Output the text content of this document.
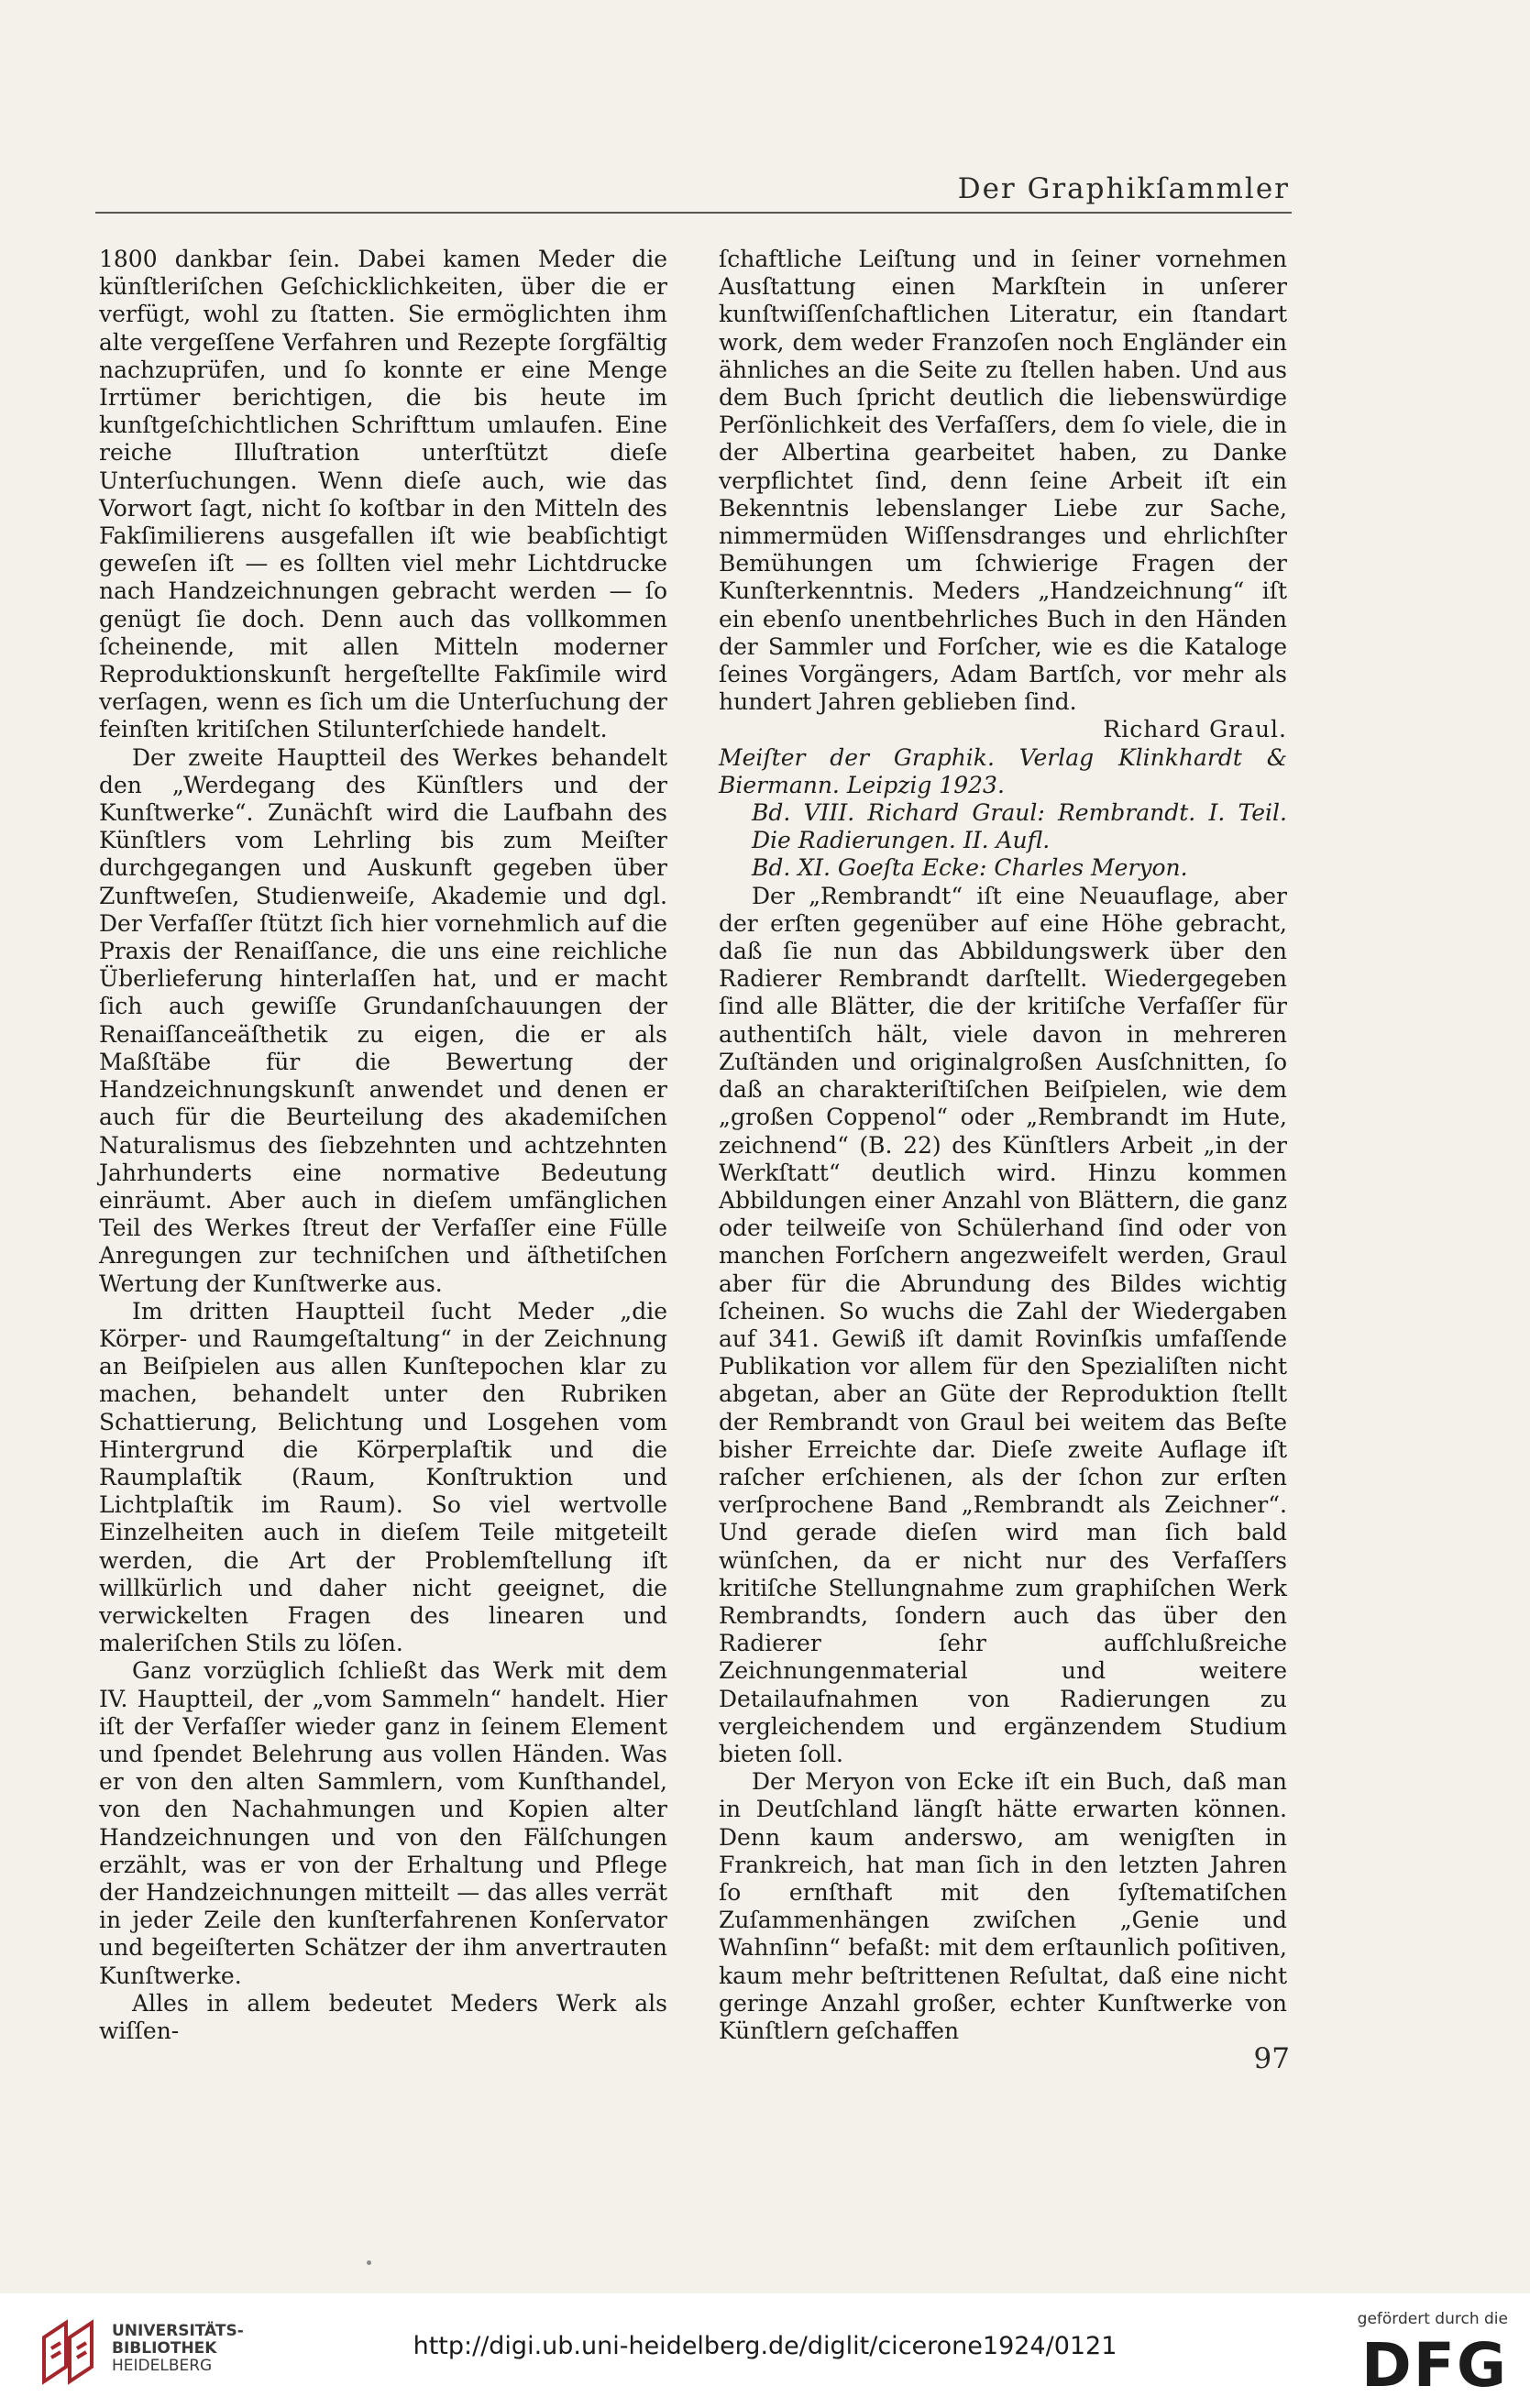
Der Graphikſammler

1800 dankbar ſein. Dabei kamen Meder die künſtleriſchen Geſchicklichkeiten, über die er verfügt, wohl zu ſtatten. Sie ermöglichten ihm alte vergeſſene Verfahren und Rezepte ſorgfältig nachzuprüfen, und ſo konnte er eine Menge Irrtümer berichtigen, die bis heute im kunſtgeſchichtlichen Schrifttum umlaufen. Eine reiche Illuſtration unterſtützt dieſe Unterſuchungen. Wenn dieſe auch, wie das Vorwort ſagt, nicht ſo koſtbar in den Mitteln des Fakſimilierens ausgefallen iſt wie beabſichtigt geweſen iſt — es ſollten viel mehr Lichtdrucke nach Handzeichnungen gebracht werden — ſo genügt ſie doch. Denn auch das vollkommen ſcheinende, mit allen Mitteln moderner Reproduktionskunſt hergeſtellte Fakſimile wird verſagen, wenn es ſich um die Unterſuchung der feinſten kritiſchen Stilunterſchiede handelt.

Der zweite Hauptteil des Werkes behandelt den „Werdegang des Künſtlers und der Kunſtwerke“. Zunächſt wird die Laufbahn des Künſtlers vom Lehrling bis zum Meiſter durchgegangen und Auskunft gegeben über Zunftweſen, Studienweiſe, Akademie und dgl. Der Verfaſſer ſtützt ſich hier vornehmlich auf die Praxis der Renaiſſance, die uns eine reichliche Überlieferung hinterlaſſen hat, und er macht ſich auch gewiſſe Grundanſchauungen der Renaiſſanceäſthetik zu eigen, die er als Maßſtäbe für die Bewertung der Handzeichnungskunſt anwendet und denen er auch für die Beurteilung des akademiſchen Naturalismus des ſiebzehnten und achtzehnten Jahrhunderts eine normative Bedeutung einräumt. Aber auch in dieſem umfänglichen Teil des Werkes ſtreut der Verfaſſer eine Fülle Anregungen zur techniſchen und äſthetiſchen Wertung der Kunſtwerke aus.

Im dritten Hauptteil ſucht Meder „die Körper- und Raumgeſtaltung“ in der Zeichnung an Beiſpielen aus allen Kunſtepochen klar zu machen, behandelt unter den Rubriken Schattierung, Belichtung und Losgehen vom Hintergrund die Körperplaſtik und die Raumplaſtik (Raum, Konſtruktion und Lichtplaſtik im Raum). So viel wertvolle Einzelheiten auch in dieſem Teile mitgeteilt werden, die Art der Problemſtellung iſt willkürlich und daher nicht geeignet, die verwickelten Fragen des linearen und maleriſchen Stils zu löſen.

Ganz vorzüglich ſchließt das Werk mit dem IV. Hauptteil, der „vom Sammeln“ handelt. Hier iſt der Verfaſſer wieder ganz in ſeinem Element und ſpendet Belehrung aus vollen Händen. Was er von den alten Sammlern, vom Kunſthandel, von den Nachahmungen und Kopien alter Handzeichnungen und von den Fälſchungen erzählt, was er von der Erhaltung und Pflege der Handzeichnungen mitteilt — das alles verrät in jeder Zeile den kunſterfahrenen Konſervator und begeiſterten Schätzer der ihm anvertrauten Kunſtwerke.

Alles in allem bedeutet Meders Werk als wiſſen-

ſchaftliche Leiſtung und in ſeiner vornehmen Ausſtattung einen Markſtein in unſerer kunſtwiſſenſchaftlichen Literatur, ein ſtandart work, dem weder Franzoſen noch Engländer ein ähnliches an die Seite zu ſtellen haben. Und aus dem Buch ſpricht deutlich die liebenswürdige Perſönlichkeit des Verfaſſers, dem ſo viele, die in der Albertina gearbeitet haben, zu Danke verpflichtet ſind, denn ſeine Arbeit iſt ein Bekenntnis lebenslanger Liebe zur Sache, nimmermüden Wiſſensdranges und ehrlichſter Bemühungen um ſchwierige Fragen der Kunſterkenntnis. Meders „Handzeichnung“ iſt ein ebenſo unentbehrliches Buch in den Händen der Sammler und Forſcher, wie es die Kataloge ſeines Vorgängers, Adam Bartſch, vor mehr als hundert Jahren geblieben ſind.

Richard Graul.

Meiſter der Graphik. Verlag Klinkhardt & Biermann. Leipzig 1923.

Bd. VIII. Richard Graul: Rembrandt. I. Teil. Die Radierungen. II. Aufl.

Bd. XI. Goeſta Ecke: Charles Meryon.

Der „Rembrandt“ iſt eine Neuauflage, aber der erſten gegenüber auf eine Höhe gebracht, daß ſie nun das Abbildungswerk über den Radierer Rembrandt darſtellt. Wiedergegeben ſind alle Blätter, die der kritiſche Verfaſſer für authentiſch hält, viele davon in mehreren Zuſtänden und originalgroßen Ausſchnitten, ſo daß an charakteriſtiſchen Beiſpielen, wie dem „großen Coppenol“ oder „Rembrandt im Hute, zeichnend“ (B. 22) des Künſtlers Arbeit „in der Werkſtatt“ deutlich wird. Hinzu kommen Abbildungen einer Anzahl von Blättern, die ganz oder teilweiſe von Schülerhand ſind oder von manchen Forſchern angezweifelt werden, Graul aber für die Abrundung des Bildes wichtig ſcheinen. So wuchs die Zahl der Wiedergaben auf 341. Gewiß iſt damit Rovinſkis umfaſſende Publikation vor allem für den Spezialiſten nicht abgetan, aber an Güte der Reproduktion ſtellt der Rembrandt von Graul bei weitem das Beſte bisher Erreichte dar. Dieſe zweite Auflage iſt raſcher erſchienen, als der ſchon zur erſten verſprochene Band „Rembrandt als Zeichner“. Und gerade dieſen wird man ſich bald wünſchen, da er nicht nur des Verfaſſers kritiſche Stellungnahme zum graphiſchen Werk Rembrandts, ſondern auch das über den Radierer ſehr aufſchlußreiche Zeichnungenmaterial und weitere Detailaufnahmen von Radierungen zu vergleichendem und ergänzendem Studium bieten ſoll.

Der Meryon von Ecke iſt ein Buch, daß man in Deutſchland längſt hätte erwarten können. Denn kaum anderswo, am wenigſten in Frankreich, hat man ſich in den letzten Jahren ſo ernſthaft mit den ſyſtematiſchen Zuſammenhängen zwiſchen „Genie und Wahnſinn“ befaßt: mit dem erſtaunlich poſitiven, kaum mehr beſtrittenen Reſultat, daß eine nicht geringe Anzahl großer, echter Kunſtwerke von Künſtlern geſchaffen

97
UNIVERSITÄTS-
BIBLIOTHEK
HEIDELBERG
http://digi.ub.uni-heidelberg.de/diglit/cicerone1924/0121
gefördert durch die
DFG
